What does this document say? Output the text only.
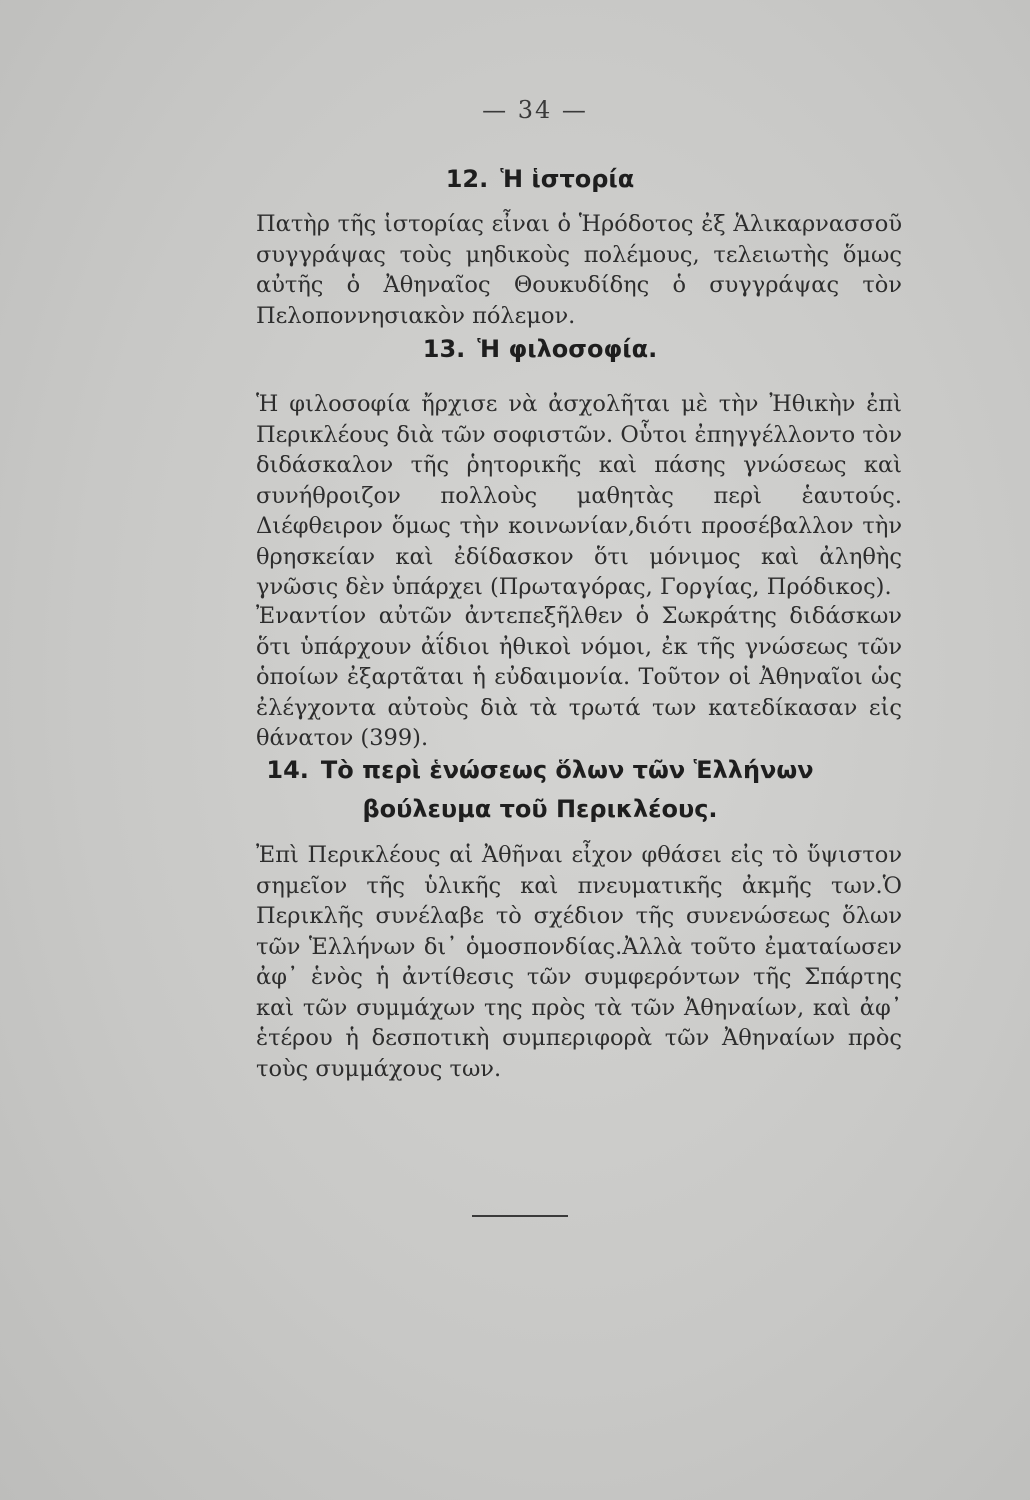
— 34 —
12. Ἡ ἱστορία

Πατὴρ τῆς ἱστορίας εἶναι ὁ Ἡρόδοτος ἐξ Ἁλικαρνασσοῦ συγγράψας τοὺς μηδικοὺς πολέμους, τελειωτὴς ὅμως αὐτῆς ὁ Ἀθηναῖος Θουκυδίδης ὁ συγγράψας τὸν Πελοποννησιακὸν πόλεμον.

13. Ἡ φιλοσοφία.

Ἡ φιλοσοφία ἤρχισε νὰ ἀσχολῆται μὲ τὴν Ἠθικὴν ἐπὶ Περικλέους διὰ τῶν σοφιστῶν. Οὗτοι ἐπηγγέλλοντο τὸν διδάσκαλον τῆς ῥητορικῆς καὶ πάσης γνώσεως καὶ συνήθροιζον πολλοὺς μαθητὰς περὶ ἑαυτούς. Διέφθειρον ὅμως τὴν κοινωνίαν,διότι προσέβαλλον τὴν θρησκείαν καὶ ἐδίδασκον ὅτι μόνιμος καὶ ἀληθὴς γνῶσις δὲν ὑπάρχει (Πρωταγόρας, Γοργίας, Πρόδικος).

Ἐναντίον αὐτῶν ἀντεπεξῆλθεν ὁ Σωκράτης διδάσκων ὅτι ὑπάρχουν ἀΐδιοι ἠθικοὶ νόμοι, ἐκ τῆς γνώσεως τῶν ὁποίων ἐξαρτᾶται ἡ εὐδαιμονία. Τοῦτον οἱ Ἀθηναῖοι ὡς ἐλέγχοντα αὐτοὺς διὰ τὰ τρωτά των κατεδίκασαν εἰς θάνατον (399).

14. Τὸ περὶ ἑνώσεως ὅλων τῶν Ἑλλήνων
βούλευμα τοῦ Περικλέους.

Ἐπὶ Περικλέους αἱ Ἀθῆναι εἶχον φθάσει εἰς τὸ ὕψιστον σημεῖον τῆς ὑλικῆς καὶ πνευματικῆς ἀκμῆς των.Ὁ Περικλῆς συνέλαβε τὸ σχέδιον τῆς συνενώσεως ὅλων τῶν Ἑλλήνων δι᾽ ὁμοσπονδίας.Ἀλλὰ τοῦτο ἐματαίωσεν ἀφ᾽ ἑνὸς ἡ ἀντίθεσις τῶν συμφερόντων τῆς Σπάρτης καὶ τῶν συμμάχων της πρὸς τὰ τῶν Ἀθηναίων, καὶ ἀφ᾽ ἑτέρου ἡ δεσποτικὴ συμπεριφορὰ τῶν Ἀθηναίων πρὸς τοὺς συμμάχους των.
